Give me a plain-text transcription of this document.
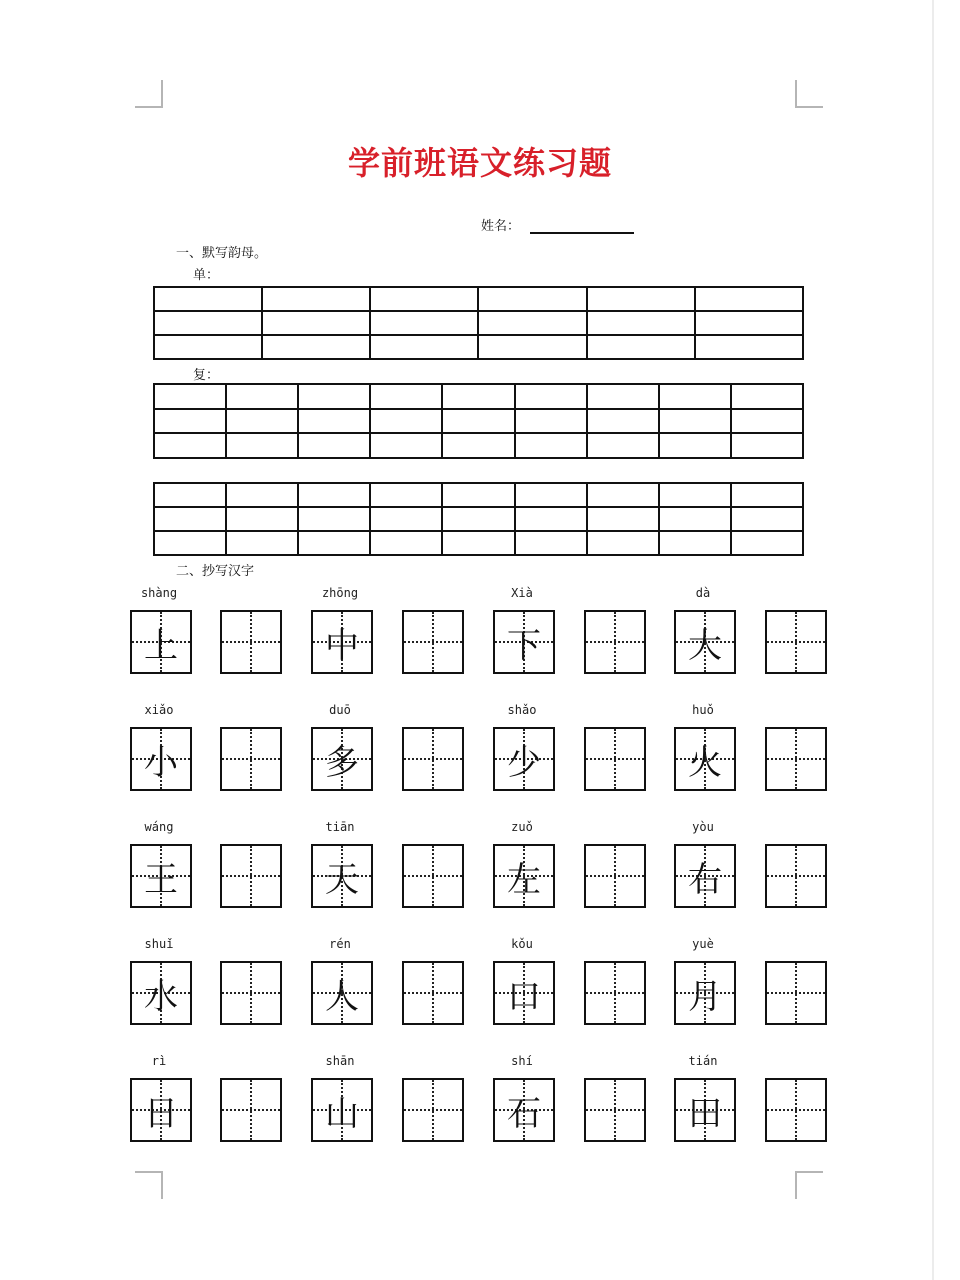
学前班语文练习题
姓名：
一、默写韵母。
单：

复：

二、抄写汉字
shàng
上
zhōng
中
Xià
下
dà
大
xiǎo
小
duō
多
shǎo
少
huǒ
火
wáng
王
tiān
天
zuǒ
左
yòu
右
shuǐ
水
rén
人
kǒu
口
yuè
月
rì
日
shān
山
shí
石
tián
田
